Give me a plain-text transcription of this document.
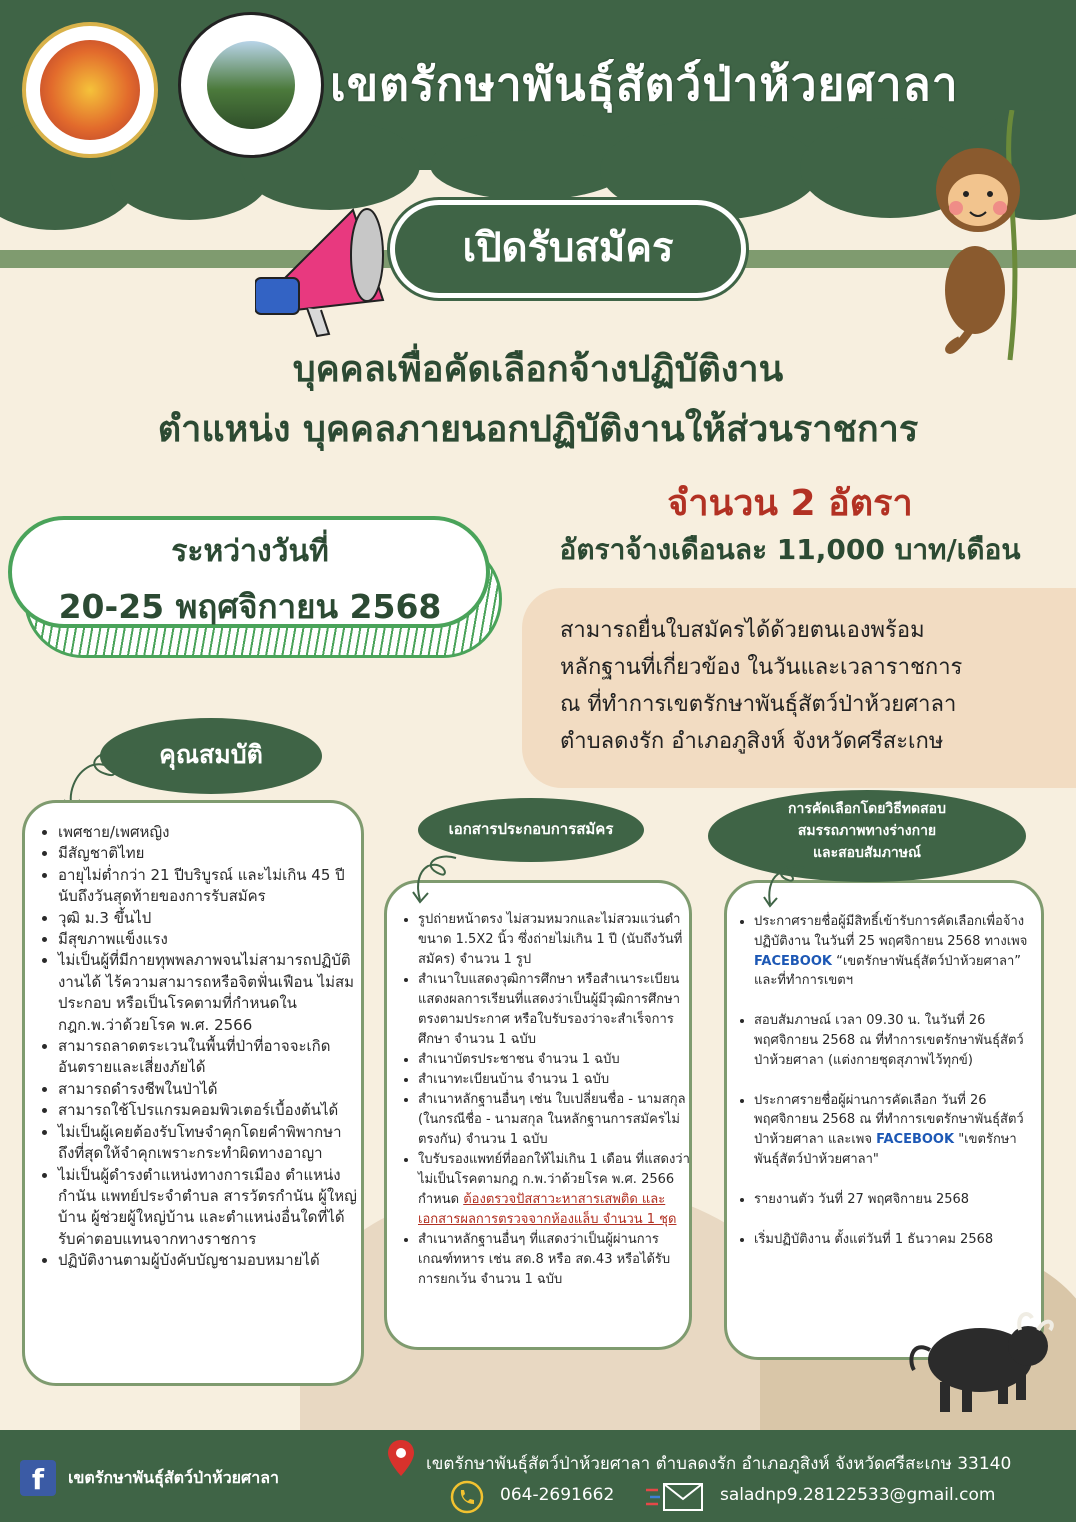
เขตรักษาพันธุ์สัตว์ป่าห้วยศาลา
เปิดรับสมัคร
บุคคลเพื่อคัดเลือกจ้างปฏิบัติงาน
ตำแหน่ง บุคคลภายนอกปฏิบัติงานให้ส่วนราชการ
จำนวน 2 อัตรา
อัตราจ้างเดือนละ 11,000 บาท/เดือน
ระหว่างวันที่
20-25 พฤศจิกายน 2568
สามารถยื่นใบสมัครได้ด้วยตนเองพร้อม
หลักฐานที่เกี่ยวข้อง ในวันและเวลาราชการ
ณ ที่ทำการเขตรักษาพันธุ์สัตว์ป่าห้วยศาลา
ตำบลดงรัก อำเภอภูสิงห์ จังหวัดศรีสะเกษ
คุณสมบัติ
• เพศชาย/เพศหญิง
• มีสัญชาติไทย
• อายุไม่ต่ำกว่า 21 ปีบริบูรณ์ และไม่เกิน 45 ปี นับถึงวันสุดท้ายของการรับสมัคร
• วุฒิ ม.3 ขึ้นไป
• มีสุขภาพแข็งแรง
• ไม่เป็นผู้ที่มีกายทุพพลภาพจนไม่สามารถปฏิบัติงานได้ ไร้ความสามารถหรือจิตฟั่นเฟือน ไม่สมประกอบ หรือเป็นโรคตามที่กำหนดในกฎก.พ.ว่าด้วยโรค พ.ศ. 2566
• สามารถลาดตระเวนในพื้นที่ป่าที่อาจจะเกิดอันตรายและเสี่ยงภัยได้
• สามารถดำรงชีพในป่าได้
• สามารถใช้โปรแกรมคอมพิวเตอร์เบื้องต้นได้
• ไม่เป็นผู้เคยต้องรับโทษจำคุกโดยคำพิพากษาถึงที่สุดให้จำคุกเพราะกระทำผิดทางอาญา
• ไม่เป็นผู้ดำรงตำแหน่งทางการเมือง ตำแหน่งกำนัน แพทย์ประจำตำบล สารวัตรกำนัน ผู้ใหญ่บ้าน ผู้ช่วยผู้ใหญ่บ้าน และตำแหน่งอื่นใดที่ได้รับค่าตอบแทนจากทางราชการ
• ปฏิบัติงานตามผู้บังคับบัญชามอบหมายได้
เอกสารประกอบการสมัคร
• รูปถ่ายหน้าตรง ไม่สวมหมวกและไม่สวมแว่นดำ ขนาด 1.5X2 นิ้ว ซึ่งถ่ายไม่เกิน 1 ปี (นับถึงวันที่สมัคร) จำนวน 1 รูป
• สำเนาใบแสดงวุฒิการศึกษา หรือสำเนาระเบียนแสดงผลการเรียนที่แสดงว่าเป็นผู้มีวุฒิการศึกษาตรงตามประกาศ หรือใบรับรองว่าจะสำเร็จการศึกษา จำนวน 1 ฉบับ
• สำเนาบัตรประชาชน จำนวน 1 ฉบับ
• สำเนาทะเบียนบ้าน จำนวน 1 ฉบับ
• สำเนาหลักฐานอื่นๆ เช่น ใบเปลี่ยนชื่อ - นามสกุล (ในกรณีชื่อ - นามสกุล ในหลักฐานการสมัครไม่ตรงกัน) จำนวน 1 ฉบับ
• ใบรับรองแพทย์ที่ออกให้ไม่เกิน 1 เดือน ที่แสดงว่าไม่เป็นโรคตามกฎ ก.พ.ว่าด้วยโรค พ.ศ. 2566 กำหนด ต้องตรวจปัสสาวะหาสารเสพติด และเอกสารผลการตรวจจากห้องแล็บ จำนวน 1 ชุด
• สำเนาหลักฐานอื่นๆ ที่แสดงว่าเป็นผู้ผ่านการเกณฑ์ทหาร เช่น สด.8 หรือ สด.43 หรือได้รับการยกเว้น จำนวน 1 ฉบับ
การคัดเลือกโดยวิธีทดสอบ
สมรรถภาพทางร่างกาย
และสอบสัมภาษณ์
• ประกาศรายชื่อผู้มีสิทธิ์เข้ารับการคัดเลือกเพื่อจ้างปฏิบัติงาน ในวันที่ 25 พฤศจิกายน 2568 ทางเพจ FACEBOOK “เขตรักษาพันธุ์สัตว์ป่าห้วยศาลา” และที่ทำการเขตฯ
• สอบสัมภาษณ์ เวลา 09.30 น. ในวันที่ 26 พฤศจิกายน 2568 ณ ที่ทำการเขตรักษาพันธุ์สัตว์ป่าห้วยศาลา (แต่งกายชุดสุภาพไว้ทุกข์)
• ประกาศรายชื่อผู้ผ่านการคัดเลือก วันที่ 26 พฤศจิกายน 2568 ณ ที่ทำการเขตรักษาพันธุ์สัตว์ป่าห้วยศาลา และเพจ FACEBOOK "เขตรักษาพันธุ์สัตว์ป่าห้วยศาลา"
• รายงานตัว วันที่ 27 พฤศจิกายน 2568
• เริ่มปฏิบัติงาน ตั้งแต่วันที่ 1 ธันวาคม 2568
f	เขตรักษาพันธุ์สัตว์ป่าห้วยศาลา
เขตรักษาพันธุ์สัตว์ป่าห้วยศาลา ตำบลดงรัก อำเภอภูสิงห์ จังหวัดศรีสะเกษ 33140
064-2691662	saladnp9.28122533@gmail.com
